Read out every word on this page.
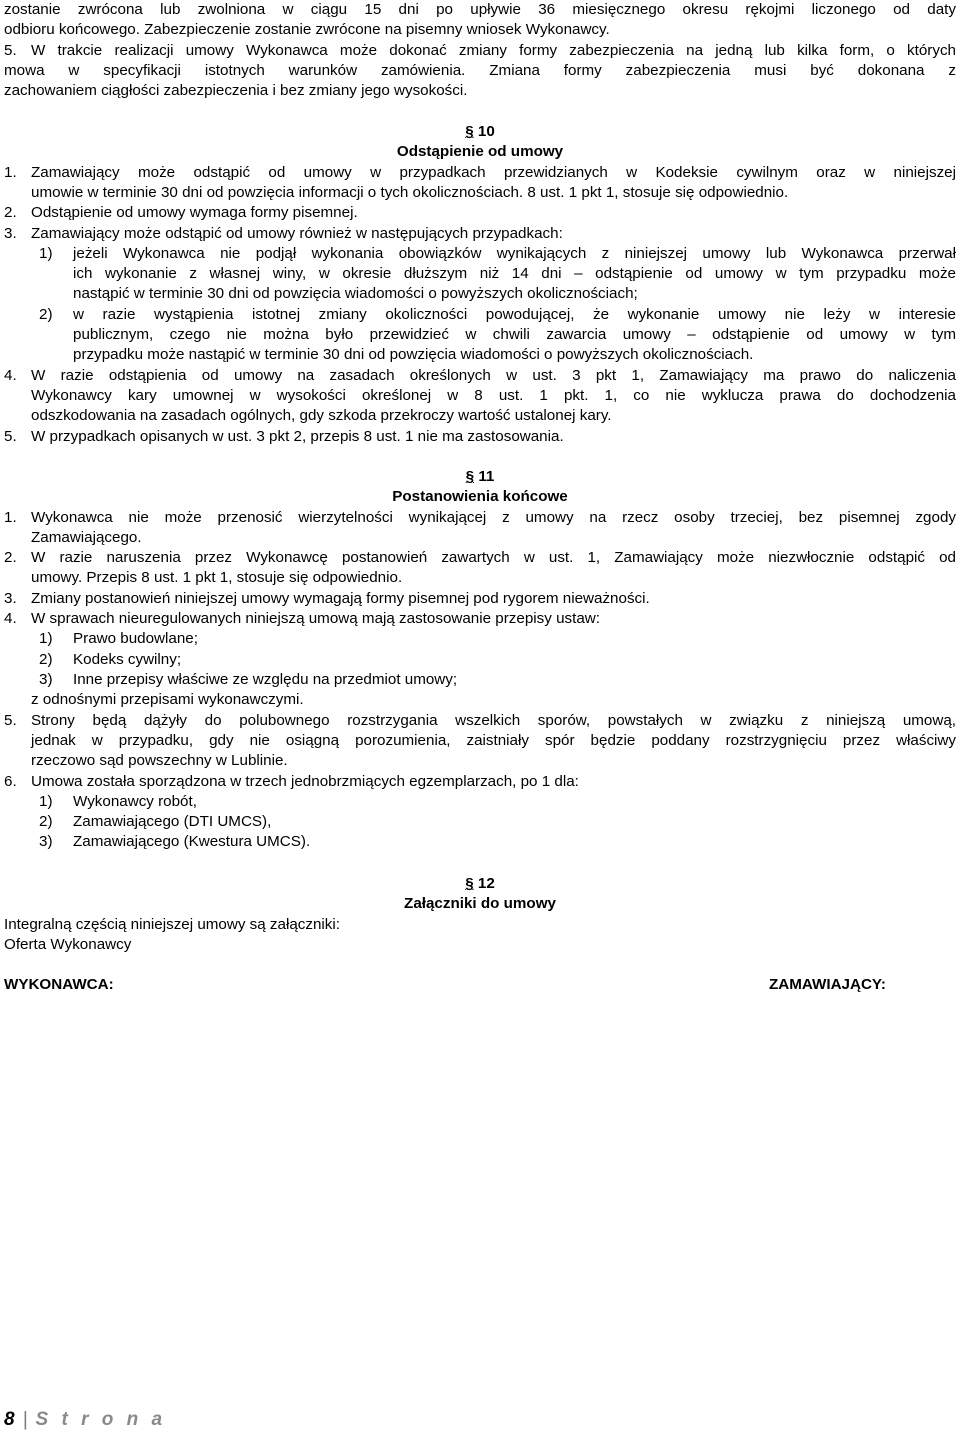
zostanie zwrócona lub zwolniona w ciągu 15 dni po upływie 36 miesięcznego okresu rękojmi liczonego od daty
odbioru końcowego. Zabezpieczenie zostanie zwrócone na pisemny wniosek Wykonawcy.
5. W trakcie realizacji umowy Wykonawca może dokonać zmiany formy zabezpieczenia na jedną lub kilka form, o których
mowa w specyfikacji istotnych warunków zamówienia. Zmiana formy zabezpieczenia musi być dokonana z
zachowaniem ciągłości zabezpieczenia i bez zmiany jego wysokości.
§ 10
Odstąpienie od umowy
1. Zamawiający może odstąpić od umowy w przypadkach przewidzianych w Kodeksie cywilnym oraz w niniejszej
umowie w terminie 30 dni od powzięcia informacji o tych okolicznościach. 8 ust. 1 pkt 1, stosuje się odpowiednio.
2. Odstąpienie od umowy wymaga formy pisemnej.
3. Zamawiający może odstąpić od umowy również w następujących przypadkach:
1)	jeżeli Wykonawca nie podjął wykonania obowiązków wynikających z niniejszej umowy lub Wykonawca przerwał
ich wykonanie z własnej winy, w okresie dłuższym niż 14 dni – odstąpienie od umowy w tym przypadku może
nastąpić w terminie 30 dni od powzięcia wiadomości o powyższych okolicznościach;
2)	w razie wystąpienia istotnej zmiany okoliczności powodującej, że wykonanie umowy nie leży w interesie
publicznym, czego nie można było przewidzieć w chwili zawarcia umowy – odstąpienie od umowy w tym
przypadku może nastąpić w terminie 30 dni od powzięcia wiadomości o powyższych okolicznościach.
4. W razie odstąpienia od umowy na zasadach określonych w ust. 3 pkt 1, Zamawiający ma prawo do naliczenia
Wykonawcy kary umownej w wysokości określonej w 8 ust. 1 pkt. 1, co nie wyklucza prawa do dochodzenia
odszkodowania na zasadach ogólnych, gdy szkoda przekroczy wartość ustalonej kary.
5. W przypadkach opisanych w ust. 3 pkt 2, przepis 8 ust. 1 nie ma zastosowania.
§ 11
Postanowienia końcowe
1. Wykonawca nie może przenosić wierzytelności wynikającej z umowy na rzecz osoby trzeciej, bez pisemnej zgody
Zamawiającego.
2. W razie naruszenia przez Wykonawcę postanowień zawartych w ust. 1, Zamawiający może niezwłocznie odstąpić od
umowy. Przepis 8 ust. 1 pkt 1, stosuje się odpowiednio.
3. Zmiany postanowień niniejszej umowy wymagają formy pisemnej pod rygorem nieważności.
4. W sprawach nieuregulowanych niniejszą umową mają zastosowanie przepisy ustaw:
1)	Prawo budowlane;
2)	Kodeks cywilny;
3)	Inne przepisy właściwe ze względu na przedmiot umowy;
z odnośnymi przepisami wykonawczymi.
5. Strony będą dążyły do polubownego rozstrzygania wszelkich sporów, powstałych w związku z niniejszą umową,
jednak w przypadku, gdy nie osiągną porozumienia, zaistniały spór będzie poddany rozstrzygnięciu przez właściwy
rzeczowo sąd powszechny w Lublinie.
6. Umowa została sporządzona w trzech jednobrzmiących egzemplarzach, po 1 dla:
1)	Wykonawcy robót,
2)	Zamawiającego (DTI UMCS),
3)	Zamawiającego (Kwestura UMCS).
§ 12
Załączniki do umowy
Integralną częścią niniejszej umowy są załączniki:
Oferta Wykonawcy
WYKONAWCA:	ZAMAWIAJĄCY:
8 | S t r o n a
